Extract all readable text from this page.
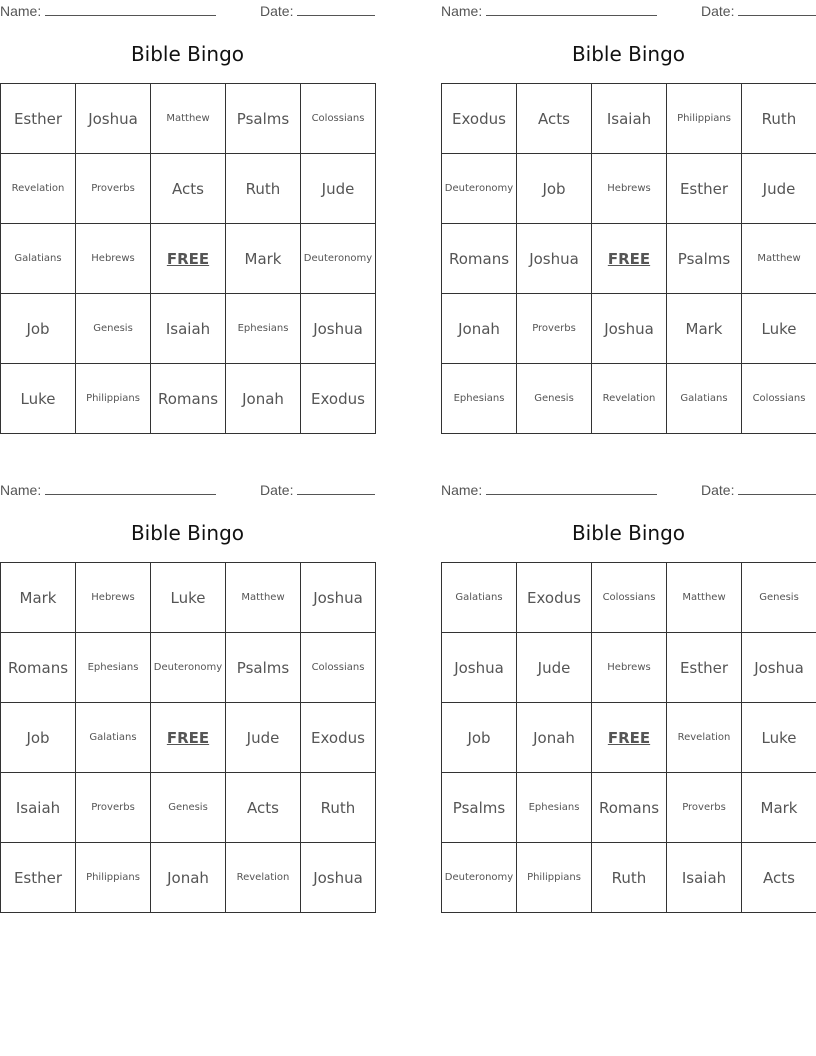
Name:	Date:
Bible Bingo
Esther	Joshua	Matthew	Psalms	Colossians
Revelation	Proverbs	Acts	Ruth	Jude
Galatians	Hebrews	FREE	Mark	Deuteronomy
Job	Genesis	Isaiah	Ephesians	Joshua
Luke	Philippians	Romans	Jonah	Exodus
Name:	Date:
Bible Bingo
Exodus	Acts	Isaiah	Philippians	Ruth
Deuteronomy	Job	Hebrews	Esther	Jude
Romans	Joshua	FREE	Psalms	Matthew
Jonah	Proverbs	Joshua	Mark	Luke
Ephesians	Genesis	Revelation	Galatians	Colossians
Name:	Date:
Bible Bingo
Mark	Hebrews	Luke	Matthew	Joshua
Romans	Ephesians	Deuteronomy	Psalms	Colossians
Job	Galatians	FREE	Jude	Exodus
Isaiah	Proverbs	Genesis	Acts	Ruth
Esther	Philippians	Jonah	Revelation	Joshua
Name:	Date:
Bible Bingo
Galatians	Exodus	Colossians	Matthew	Genesis
Joshua	Jude	Hebrews	Esther	Joshua
Job	Jonah	FREE	Revelation	Luke
Psalms	Ephesians	Romans	Proverbs	Mark
Deuteronomy	Philippians	Ruth	Isaiah	Acts
